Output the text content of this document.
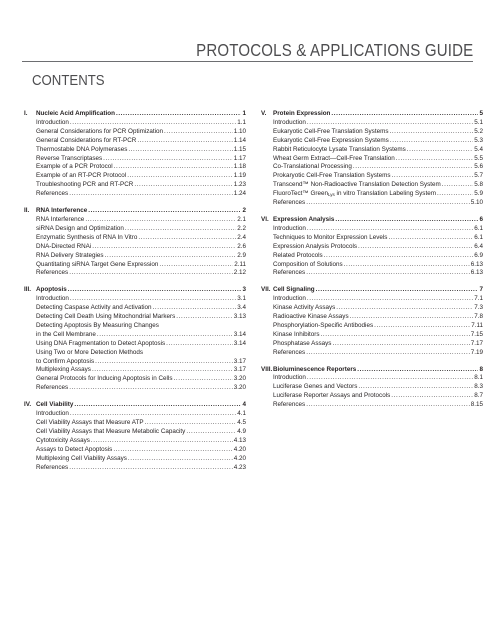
PROTOCOLS & APPLICATIONS GUIDE
CONTENTS
I.	Nucleic Acid Amplification .....	1
Introduction .....	1.1
General Considerations for PCR Optimization .....	1.10
General Considerations for RT-PCR .....	1.14
Thermostable DNA Polymerases .....	1.15
Reverse Transcriptases .....	1.17
Example of a PCR Protocol .....	1.18
Example of an RT-PCR Protocol .....	1.19
Troubleshooting PCR and RT-PCR .....	1.23
References .....	1.24
II.	RNA Interference .....	2
RNA Interference .....	2.1
siRNA Design and Optimization .....	2.2
Enzymatic Synthesis of RNA In Vitro .....	2.4
DNA-Directed RNAi .....	2.6
RNA Delivery Strategies .....	2.9
Quantitating siRNA Target Gene Expression .....	2.11
References .....	2.12
III. Apoptosis .....	3
Introduction .....	3.1
Detecting Caspase Activity and Activation .....	3.4
Detecting Cell Death Using Mitochondrial Markers .....	3.13
Detecting Apoptosis By Measuring Changes
in the Cell Membrane .....	3.14
Using DNA Fragmentation to Detect Apoptosis .....	3.14
Using Two or More Detection Methods
to Confirm Apoptosis .....	3.17
Multiplexing Assays .....	3.17
General Protocols for Inducing Apoptosis in Cells .....	3.20
References .....	3.20
IV. Cell Viability .....	4
Introduction .....	4.1
Cell Viability Assays that Measure ATP .....	4.5
Cell Viability Assays that Measure Metabolic Capacity .....	4.9
Cytotoxicity Assays .....	4.13
Assays to Detect Apoptosis .....	4.20
Multiplexing Cell Viability Assays .....	4.20
References .....	4.23
V.	Protein Expression .....	5
Introduction .....	5.1
Eukaryotic Cell-Free Translation Systems .....	5.2
Eukaryotic Cell-Free Expression Systems .....	5.3
Rabbit Reticulocyte Lysate Translation Systems .....	5.4
Wheat Germ Extract—Cell-Free Translation .....	5.5
Co-Translational Processing .....	5.6
Prokaryotic Cell-Free Translation Systems .....	5.7
Transcend™ Non-Radioactive Translation Detection System .....	5.8
FluoroTect™ Green$_{Lys}$ in vitro Translation Labeling System .....	5.9
References .....	5.10
VI. Expression Analysis .....	6
Introduction .....	6.1
Techniques to Monitor Expression Levels .....	6.1
Expression Analysis Protocols .....	6.4
Related Protocols .....	6.9
Composition of Solutions .....	6.13
References .....	6.13
VII. Cell Signaling .....	7
Introduction .....	7.1
Kinase Activity Assays .....	7.3
Radioactive Kinase Assays .....	7.8
Phosphorylation-Specific Antibodies .....	7.11
Kinase Inhibitors .....	7.15
Phosphatase Assays .....	7.17
References .....	7.19
VIII. Bioluminescence Reporters .....	8
Introduction .....	8.1
Luciferase Genes and Vectors .....	8.3
Luciferase Reporter Assays and Protocols .....	8.7
References .....	8.15
